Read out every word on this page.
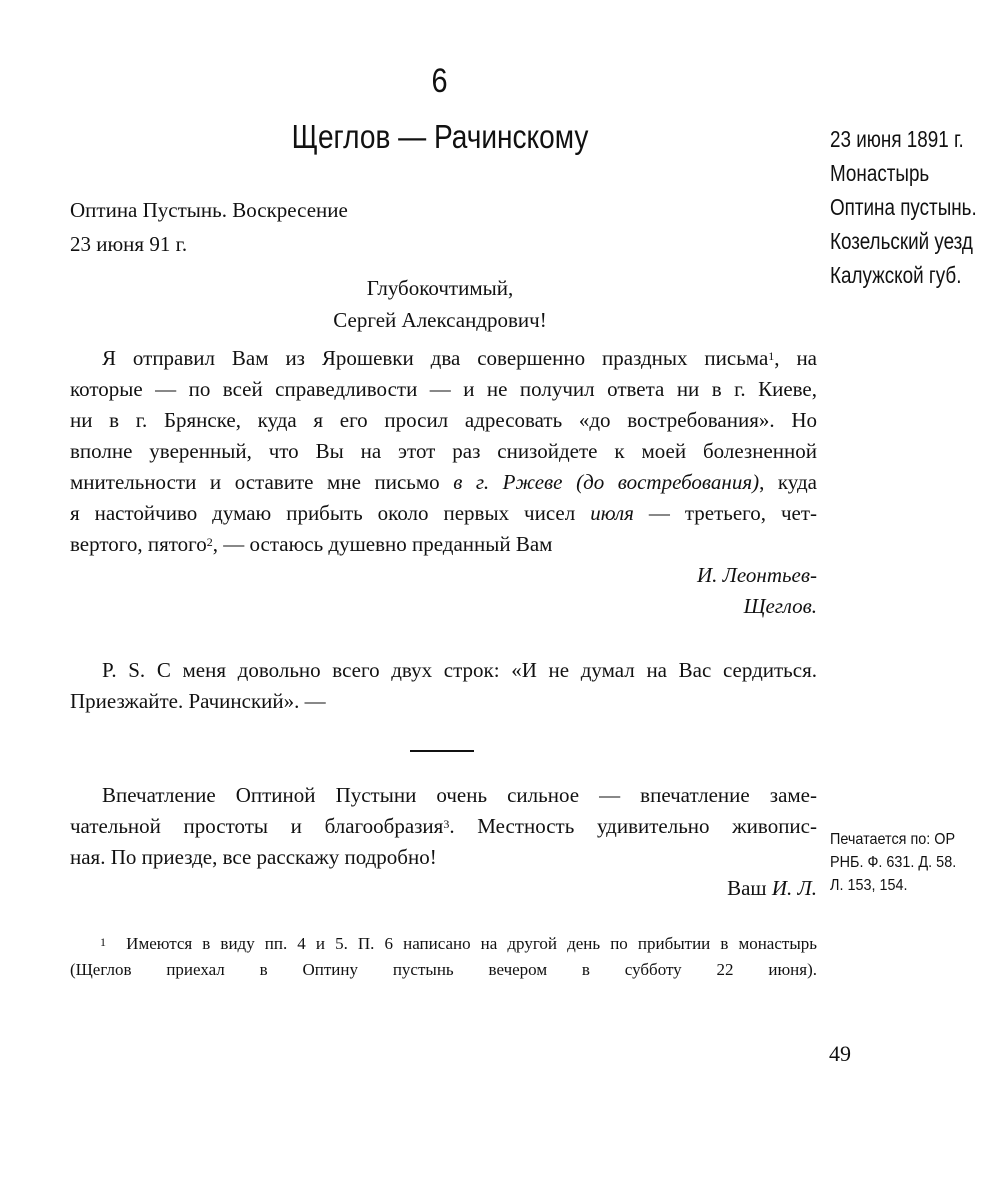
6
Щеглов — Рачинскому	23 июня 1891 г.
Монастырь
Оптина пустынь.
Козельский уезд
Калужской губ.
Оптина Пустынь. Воскресение
23 июня 91 г.
Глубокочтимый,
Сергей Александрович!
Я отправил Вам из Ярошевки два совершенно праздных письма$^1$, на
которые — по всей справедливости — и не получил ответа ни в г. Киеве,
ни в г. Брянске, куда я его просил адресовать «до востребования». Но
вполне уверенный, что Вы на этот раз снизойдете к моей болезненной
мнительности и оставите мне письмо в г. Ржеве (до востребования), куда
я настойчиво думаю прибыть около первых чисел июля — третьего, чет-
вертого, пятого$^2$, — остаюсь душевно преданный Вам
И. Леонтьев-
Щеглов.
P. S. С меня довольно всего двух строк: «И не думал на Вас сердиться.
Приезжайте. Рачинский». —
Впечатление Оптиной Пустыни очень сильное — впечатление заме-
чательной простоты и благообразия$^3$. Местность удивительно живопис-
ная. По приезде, все расскажу подробно!
Ваш И. Л.
Печатается по: ОР
РНБ. Ф. 631. Д. 58.
Л. 153, 154.
$^1$ Имеются в виду пп. 4 и 5. П. 6 написано на другой день по прибытии в монастырь
(Щеглов приехал в Оптину пустынь вечером в субботу 22 июня).
49
